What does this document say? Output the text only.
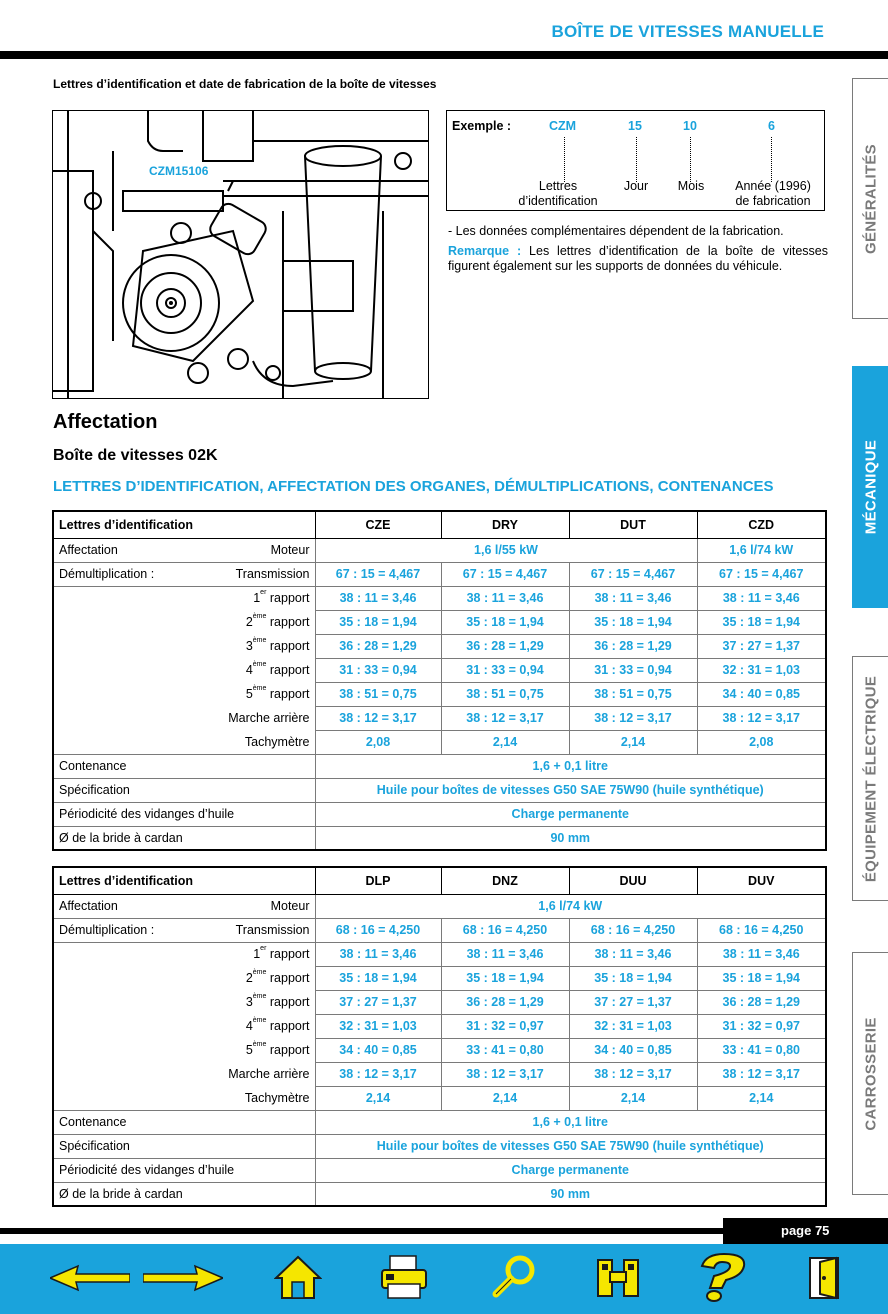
BOÎTE DE VITESSES MANUELLE
Lettres d’identification et date de fabrication de la boîte de vitesses
CZM15106
Exemple :	CZM	15	10	6
Lettres
d’identification
Jour	Mois	Année (1996)
de fabrication
- Les données complémentaires dépendent de la fabrication.
Remarque : Les lettres d’identification de la boîte de vitesses figurent également sur les supports de données du véhicule.
Affectation
Boîte de vitesses 02K
LETTRES D’IDENTIFICATION, AFFECTATION DES ORGANES, DÉMULTIPLICATIONS, CONTENANCES
Lettres d’identification	CZE	DRY	DUT	CZD
Affectation Moteur	1,6 l/55 kW			1,6 l/74 kW
Démultiplication : Transmission	67 : 15 = 4,467	67 : 15 = 4,467	67 : 15 = 4,467	67 : 15 = 4,467
1er rapport	38 : 11 = 3,46	38 : 11 = 3,46	38 : 11 = 3,46	38 : 11 = 3,46
2ème rapport	35 : 18 = 1,94	35 : 18 = 1,94	35 : 18 = 1,94	35 : 18 = 1,94
3ème rapport	36 : 28 = 1,29	36 : 28 = 1,29	36 : 28 = 1,29	37 : 27 = 1,37
4ème rapport	31 : 33 = 0,94	31 : 33 = 0,94	31 : 33 = 0,94	32 : 31 = 1,03
5ème rapport	38 : 51 = 0,75	38 : 51 = 0,75	38 : 51 = 0,75	34 : 40 = 0,85
Marche arrière	38 : 12 = 3,17	38 : 12 = 3,17	38 : 12 = 3,17	38 : 12 = 3,17
Tachymètre	2,08	2,14	2,14	2,08
Contenance	1,6 + 0,1 litre			
Spécification	Huile pour boîtes de vitesses G50 SAE 75W90 (huile synthétique)			
Périodicité des vidanges d’huile	Charge permanente			
Ø de la bride à cardan	90 mm			
Lettres d’identification	DLP	DNZ	DUU	DUV
Affectation Moteur	1,6 l/74 kW			
Démultiplication : Transmission	68 : 16 = 4,250	68 : 16 = 4,250	68 : 16 = 4,250	68 : 16 = 4,250
1er rapport	38 : 11 = 3,46	38 : 11 = 3,46	38 : 11 = 3,46	38 : 11 = 3,46
2ème rapport	35 : 18 = 1,94	35 : 18 = 1,94	35 : 18 = 1,94	35 : 18 = 1,94
3ème rapport	37 : 27 = 1,37	36 : 28 = 1,29	37 : 27 = 1,37	36 : 28 = 1,29
4ème rapport	32 : 31 = 1,03	31 : 32 = 0,97	32 : 31 = 1,03	31 : 32 = 0,97
5ème rapport	34 : 40 = 0,85	33 : 41 = 0,80	34 : 40 = 0,85	33 : 41 = 0,80
Marche arrière	38 : 12 = 3,17	38 : 12 = 3,17	38 : 12 = 3,17	38 : 12 = 3,17
Tachymètre	2,14	2,14	2,14	2,14
Contenance	1,6 + 0,1 litre			
Spécification	Huile pour boîtes de vitesses G50 SAE 75W90 (huile synthétique)			
Périodicité des vidanges d’huile	Charge permanente			
Ø de la bride à cardan	90 mm			
GÉNÉRALITÉS
MÉCANIQUE
ÉQUIPEMENT ÉLECTRIQUE
CARROSSERIE
page 75
